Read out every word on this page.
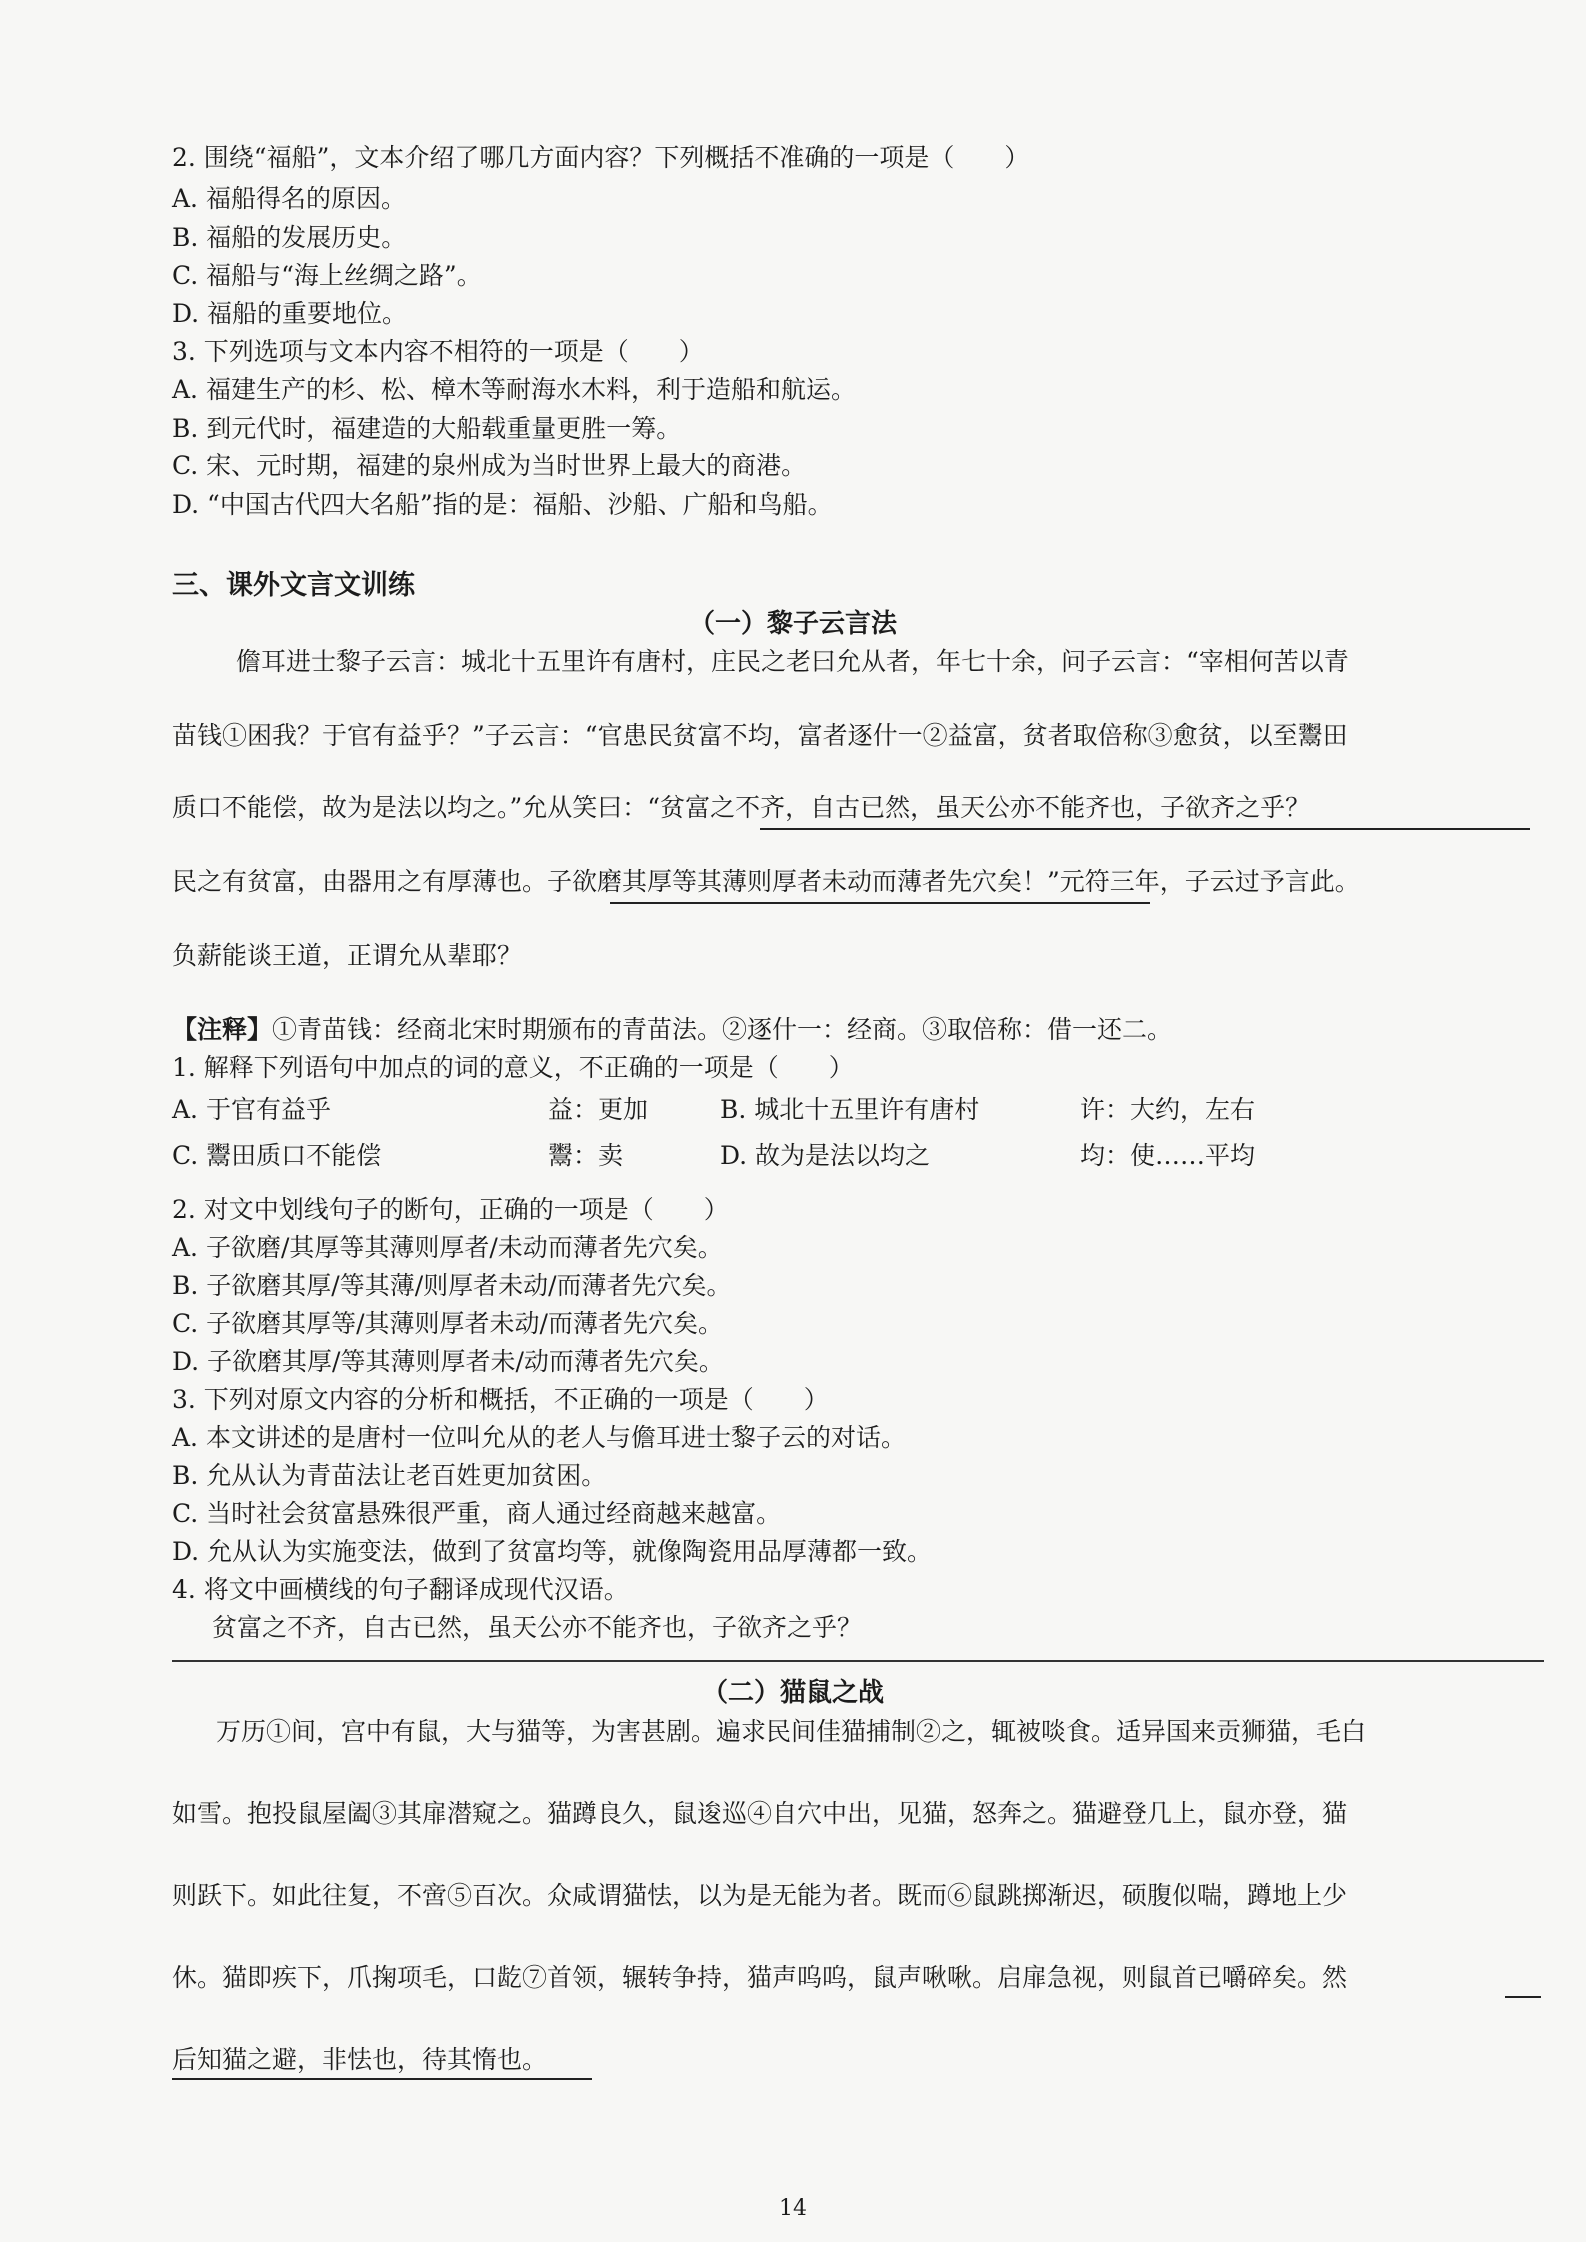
2. 围绕“福船”，文本介绍了哪几方面内容？下列概括不准确的一项是（　　）
A. 福船得名的原因。
B. 福船的发展历史。
C. 福船与“海上丝绸之路”。
D. 福船的重要地位。
3. 下列选项与文本内容不相符的一项是（　　）
A. 福建生产的杉、松、樟木等耐海水木料，利于造船和航运。
B. 到元代时，福建造的大船载重量更胜一筹。
C. 宋、元时期，福建的泉州成为当时世界上最大的商港。
D. “中国古代四大名船”指的是：福船、沙船、广船和鸟船。
三、课外文言文训练
（一）黎子云言法
儋耳进士黎子云言：城北十五里许有唐村，庄民之老曰允从者，年七十余，问子云言：“宰相何苦以青
苗钱①困我？于官有益乎？”子云言：“官患民贫富不均，富者逐什一②益富，贫者取倍称③愈贫，以至鬻田
质口不能偿，故为是法以均之。”允从笑曰：“贫富之不齐，自古已然，虽天公亦不能齐也，子欲齐之乎？
民之有贫富，由器用之有厚薄也。子欲磨其厚等其薄则厚者未动而薄者先穴矣！”元符三年，子云过予言此。
负薪能谈王道，正谓允从辈耶？
【注释】①青苗钱：经商北宋时期颁布的青苗法。②逐什一：经商。③取倍称：借一还二。
1. 解释下列语句中加点的词的意义，不正确的一项是（　　）
A. 于官有益乎	益：更加	B. 城北十五里许有唐村	许：大约，左右
C. 鬻田质口不能偿	鬻：卖	D. 故为是法以均之	均：使……平均
2. 对文中划线句子的断句，正确的一项是（　　）
A. 子欲磨/其厚等其薄则厚者/未动而薄者先穴矣。
B. 子欲磨其厚/等其薄/则厚者未动/而薄者先穴矣。
C. 子欲磨其厚等/其薄则厚者未动/而薄者先穴矣。
D. 子欲磨其厚/等其薄则厚者未/动而薄者先穴矣。
3. 下列对原文内容的分析和概括，不正确的一项是（　　）
A. 本文讲述的是唐村一位叫允从的老人与儋耳进士黎子云的对话。
B. 允从认为青苗法让老百姓更加贫困。
C. 当时社会贫富悬殊很严重，商人通过经商越来越富。
D. 允从认为实施变法，做到了贫富均等，就像陶瓷用品厚薄都一致。
4. 将文中画横线的句子翻译成现代汉语。
贫富之不齐，自古已然，虽天公亦不能齐也，子欲齐之乎？
（二）猫鼠之战
万历①间，宫中有鼠，大与猫等，为害甚剧。遍求民间佳猫捕制②之，辄被啖食。适异国来贡狮猫，毛白
如雪。抱投鼠屋阖③其扉潜窥之。猫蹲良久，鼠逡巡④自穴中出，见猫，怒奔之。猫避登几上，鼠亦登，猫
则跃下。如此往复，不啻⑤百次。众咸谓猫怯，以为是无能为者。既而⑥鼠跳掷渐迟，硕腹似喘，蹲地上少
休。猫即疾下，爪掬项毛，口龁⑦首领，辗转争持，猫声呜呜，鼠声啾啾。启扉急视，则鼠首已嚼碎矣。然
后知猫之避，非怯也，待其惰也。
14
